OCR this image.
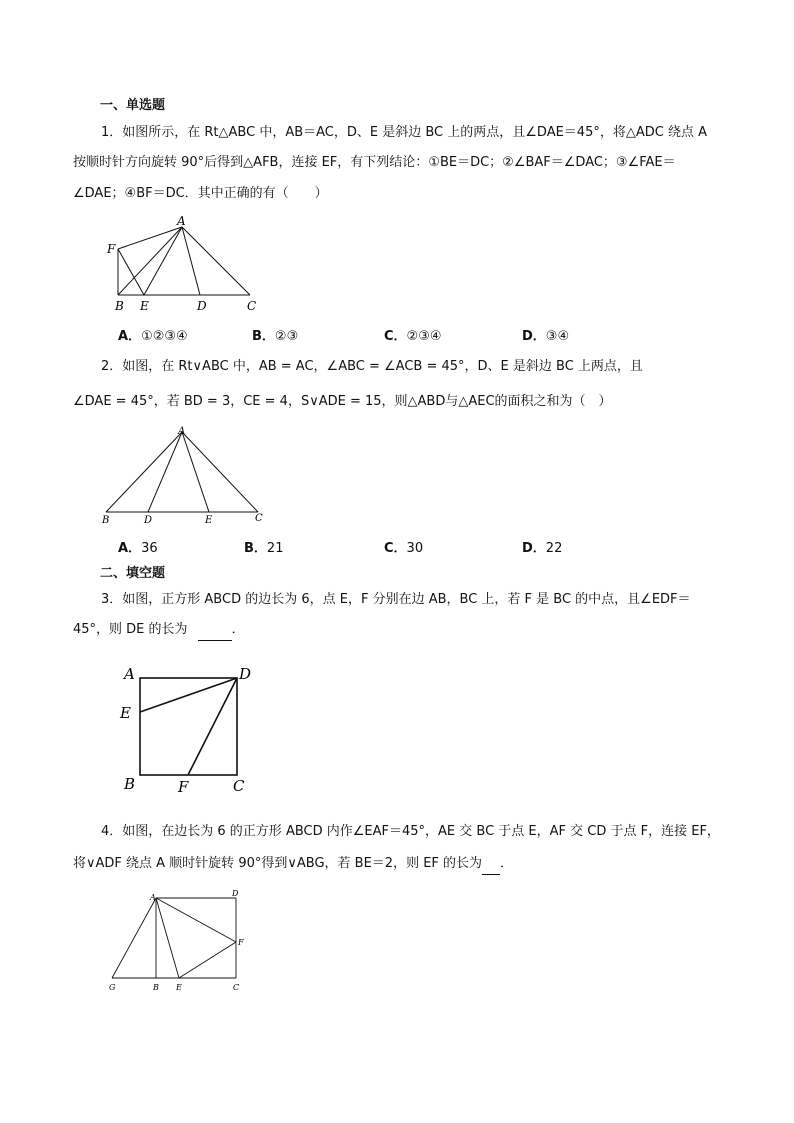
一、单选题
1．如图所示，在 Rt△ABC 中，AB＝AC，D、E 是斜边 BC 上的两点，且∠DAE＝45°，将△ADC 绕点 A
按顺时针方向旋转 90°后得到△AFB，连接 EF，有下列结论：①BE＝DC；②∠BAF＝∠DAC；③∠FAE＝
∠DAE；④BF＝DC．其中正确的有（　　）
A
F
B E	D	C
A．①②③④	B．②③	C．②③④	D．③④
2．如图，在 Rt∨ABC 中，AB = AC，∠ABC = ∠ACB = 45°，D、E 是斜边 BC 上两点，且
∠DAE = 45°，若 BD = 3，CE = 4，S∨ADE = 15，则△ABD与△AEC的面积之和为（　）
A
B	D	E	C
A．36	B．21	C．30	D．22
二、填空题
3．如图，正方形 ABCD 的边长为 6，点 E，F 分别在边 AB，BC 上，若 F 是 BC 的中点，且∠EDF＝
45°，则 DE 的长为	．
A	D
E
B	F	C
4．如图，在边长为 6 的正方形 ABCD 内作∠EAF＝45°，AE 交 BC 于点 E，AF 交 CD 于点 F，连接 EF，
将∨ADF 绕点 A 顺时针旋转 90°得到∨ABG，若 BE＝2，则 EF 的长为 ．
A	D
F
G	B E	C
